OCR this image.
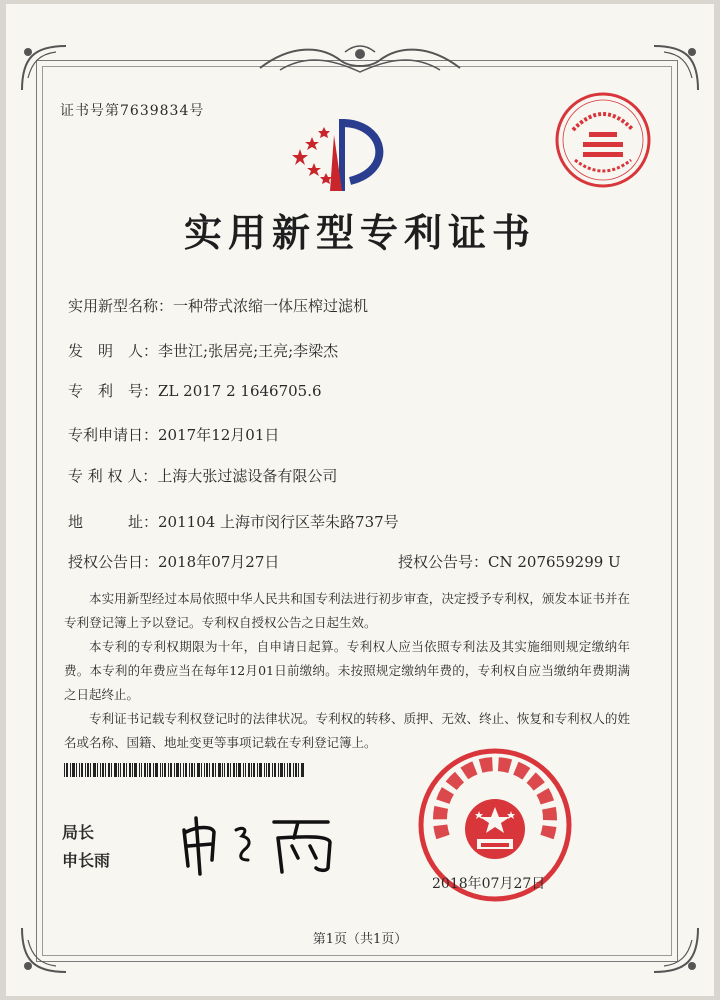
证书号第7639834号
实用新型专利证书
实用新型名称：一种带式浓缩一体压榨过滤机
发　明　人：李世江;张居亮;王亮;李梁杰
专　利　号：ZL 2017 2 1646705.6
专利申请日：2017年12月01日
专 利 权 人：上海大张过滤设备有限公司
地　　　址：201104 上海市闵行区莘朱路737号
授权公告日：2018年07月27日	授权公告号：CN 207659299 U

本实用新型经过本局依照中华人民共和国专利法进行初步审查，决定授予专利权，颁发本证书并在专利登记簿上予以登记。专利权自授权公告之日起生效。

本专利的专利权期限为十年，自申请日起算。专利权人应当依照专利法及其实施细则规定缴纳年费。本专利的年费应当在每年12月01日前缴纳。未按照规定缴纳年费的，专利权自应当缴纳年费期满之日起终止。

专利证书记载专利权登记时的法律状况。专利权的转移、质押、无效、终止、恢复和专利权人的姓名或名称、国籍、地址变更等事项记载在专利登记簿上。

局长
申长雨
2018年07月27日
第1页（共1页）
